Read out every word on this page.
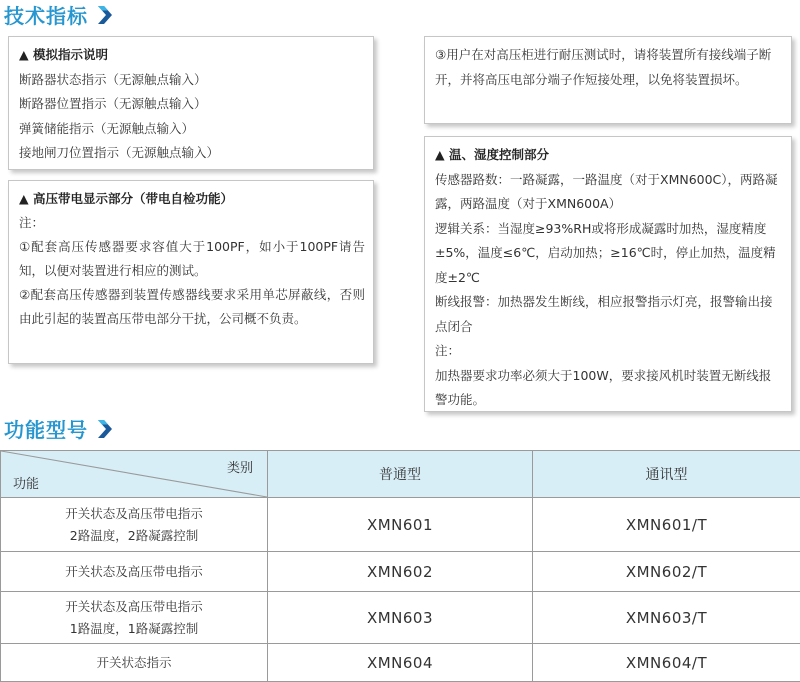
技术指标
▲ 模拟指示说明
断路器状态指示（无源触点输入）
断路器位置指示（无源触点输入）
弹簧储能指示（无源触点输入）
接地闸刀位置指示（无源触点输入）
▲ 高压带电显示部分（带电自检功能）
注：
①配套高压传感器要求容值大于100PF，如小于100PF请告知，以便对装置进行相应的测试。
②配套高压传感器到装置传感器线要求采用单芯屏蔽线，否则由此引起的装置高压带电部分干扰，公司概不负责。
③用户在对高压柜进行耐压测试时，请将装置所有接线端子断开，并将高压电部分端子作短接处理，以免将装置损坏。
▲ 温、湿度控制部分
传感器路数：一路凝露，一路温度（对于XMN600C），两路凝露，两路温度（对于XMN600A）
逻辑关系：当湿度≥93%RH或将形成凝露时加热，湿度精度±5%，温度≤6℃，启动加热；≥16℃时，停止加热，温度精度±2℃
断线报警：加热器发生断线，相应报警指示灯亮，报警输出接点闭合
注：
加热器要求功率必须大于100W，要求接风机时装置无断线报警功能。
功能型号
类别
功能	普通型	通讯型

开关状态及高压带电指示
2路温度，2路凝露控制	XMN601	XMN601/T

开关状态及高压带电指示	XMN602	XMN602/T

开关状态及高压带电指示
1路温度，1路凝露控制	XMN603	XMN603/T

开关状态指示	XMN604	XMN604/T
